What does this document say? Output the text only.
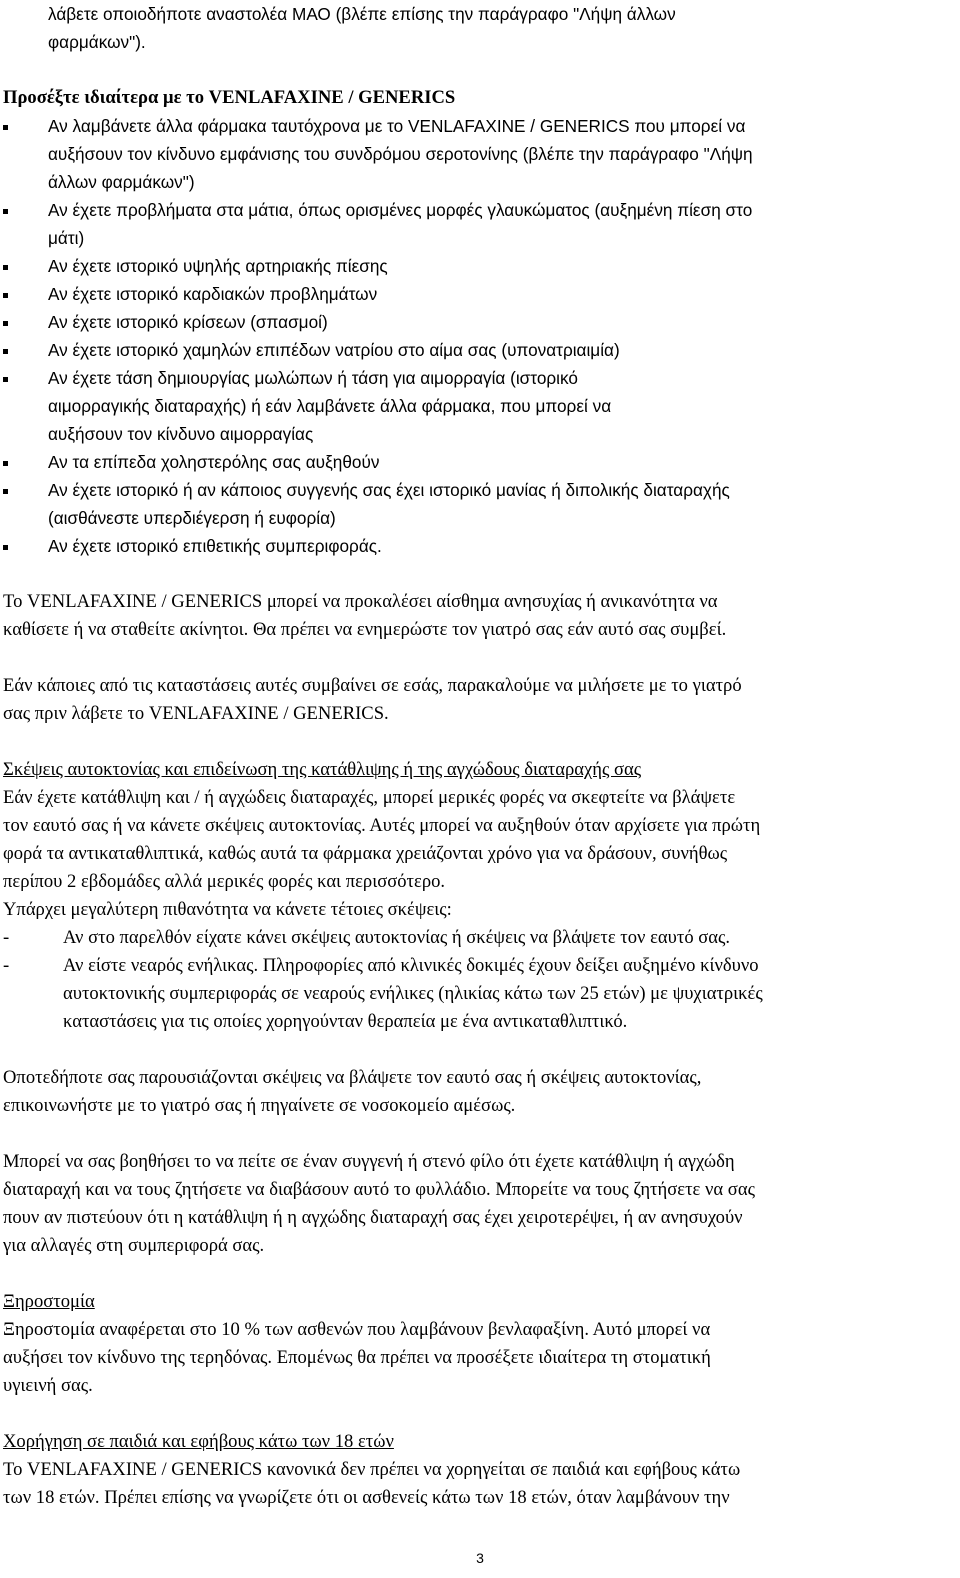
λάβετε οποιοδήποτε αναστολέα ΜΑΟ (βλέπε επίσης την παράγραφο "Λήψη άλλων
φαρμάκων").
Προσέξτε ιδιαίτερα με το VENLAFAXINE / GENERICS
Αν λαμβάνετε άλλα φάρμακα ταυτόχρονα με το VENLAFAXINE / GENERICS που μπορεί να
αυξήσουν τον κίνδυνο εμφάνισης του συνδρόμου σεροτονίνης (βλέπε την παράγραφο "Λήψη
άλλων φαρμάκων")
Αν έχετε προβλήματα στα μάτια, όπως ορισμένες μορφές γλαυκώματος (αυξημένη πίεση στο
μάτι)
Αν έχετε ιστορικό υψηλής αρτηριακής πίεσης
Αν έχετε ιστορικό καρδιακών προβλημάτων
Αν έχετε ιστορικό κρίσεων (σπασμοί)
Αν έχετε ιστορικό χαμηλών επιπέδων νατρίου στο αίμα σας (υπονατριαιμία)
Αν έχετε τάση δημιουργίας μωλώπων ή τάση για αιμορραγία (ιστορικό
αιμορραγικής διαταραχής) ή εάν λαμβάνετε άλλα φάρμακα, που μπορεί να
αυξήσουν τον κίνδυνο αιμορραγίας
Αν τα επίπεδα χοληστερόλης σας αυξηθούν
Αν έχετε ιστορικό ή αν κάποιος συγγενής σας έχει ιστορικό μανίας ή διπολικής διαταραχής
(αισθάνεστε υπερδιέγερση ή ευφορία)
Αν έχετε ιστορικό επιθετικής συμπεριφοράς.
Το VENLAFAXINE / GENERICS μπορεί να προκαλέσει αίσθημα ανησυχίας ή ανικανότητα να
καθίσετε ή να σταθείτε ακίνητοι. Θα πρέπει να ενημερώστε τον γιατρό σας εάν αυτό σας συμβεί.
Εάν κάποιες από τις καταστάσεις αυτές συμβαίνει σε εσάς, παρακαλούμε να μιλήσετε με το γιατρό
σας πριν λάβετε το VENLAFAXINE / GENERICS.
Σκέψεις αυτοκτονίας και επιδείνωση της κατάθλιψης ή της αγχώδους διαταραχής σας
Εάν έχετε κατάθλιψη και / ή αγχώδεις διαταραχές, μπορεί μερικές φορές να σκεφτείτε να βλάψετε
τον εαυτό σας ή να κάνετε σκέψεις αυτοκτονίας. Αυτές μπορεί να αυξηθούν όταν αρχίσετε για πρώτη
φορά τα αντικαταθλιπτικά, καθώς αυτά τα φάρμακα χρειάζονται χρόνο για να δράσουν, συνήθως
περίπου 2 εβδομάδες αλλά μερικές φορές και περισσότερο.
Υπάρχει μεγαλύτερη πιθανότητα να κάνετε τέτοιες σκέψεις:
-	Αν στο παρελθόν είχατε κάνει σκέψεις αυτοκτονίας ή σκέψεις να βλάψετε τον εαυτό σας.
-	Αν είστε νεαρός ενήλικας. Πληροφορίες από κλινικές δοκιμές έχουν δείξει αυξημένο κίνδυνο
αυτοκτονικής συμπεριφοράς σε νεαρούς ενήλικες (ηλικίας κάτω των 25 ετών) με ψυχιατρικές
καταστάσεις για τις οποίες χορηγούνταν θεραπεία με ένα αντικαταθλιπτικό.
Οποτεδήποτε σας παρουσιάζονται σκέψεις να βλάψετε τον εαυτό σας ή σκέψεις αυτοκτονίας,
επικοινωνήστε με το γιατρό σας ή πηγαίνετε σε νοσοκομείο αμέσως.
Μπορεί να σας βοηθήσει το να πείτε σε έναν συγγενή ή στενό φίλο ότι έχετε κατάθλιψη ή αγχώδη
διαταραχή και να τους ζητήσετε να διαβάσουν αυτό το φυλλάδιο. Μπορείτε να τους ζητήσετε να σας
πουν αν πιστεύουν ότι η κατάθλιψη ή η αγχώδης διαταραχή σας έχει χειροτερέψει, ή αν ανησυχούν
για αλλαγές στη συμπεριφορά σας.
Ξηροστομία
Ξηροστομία αναφέρεται στο 10 % των ασθενών που λαμβάνουν βενλαφαξίνη. Αυτό μπορεί να
αυξήσει τον κίνδυνο της τερηδόνας. Επομένως θα πρέπει να προσέξετε ιδιαίτερα τη στοματική
υγιεινή σας.
Χορήγηση σε παιδιά και εφήβους κάτω των 18 ετών
Το VENLAFAXINE / GENERICS κανονικά δεν πρέπει να χορηγείται σε παιδιά και εφήβους κάτω
των 18 ετών. Πρέπει επίσης να γνωρίζετε ότι οι ασθενείς κάτω των 18 ετών, όταν λαμβάνουν την
3
